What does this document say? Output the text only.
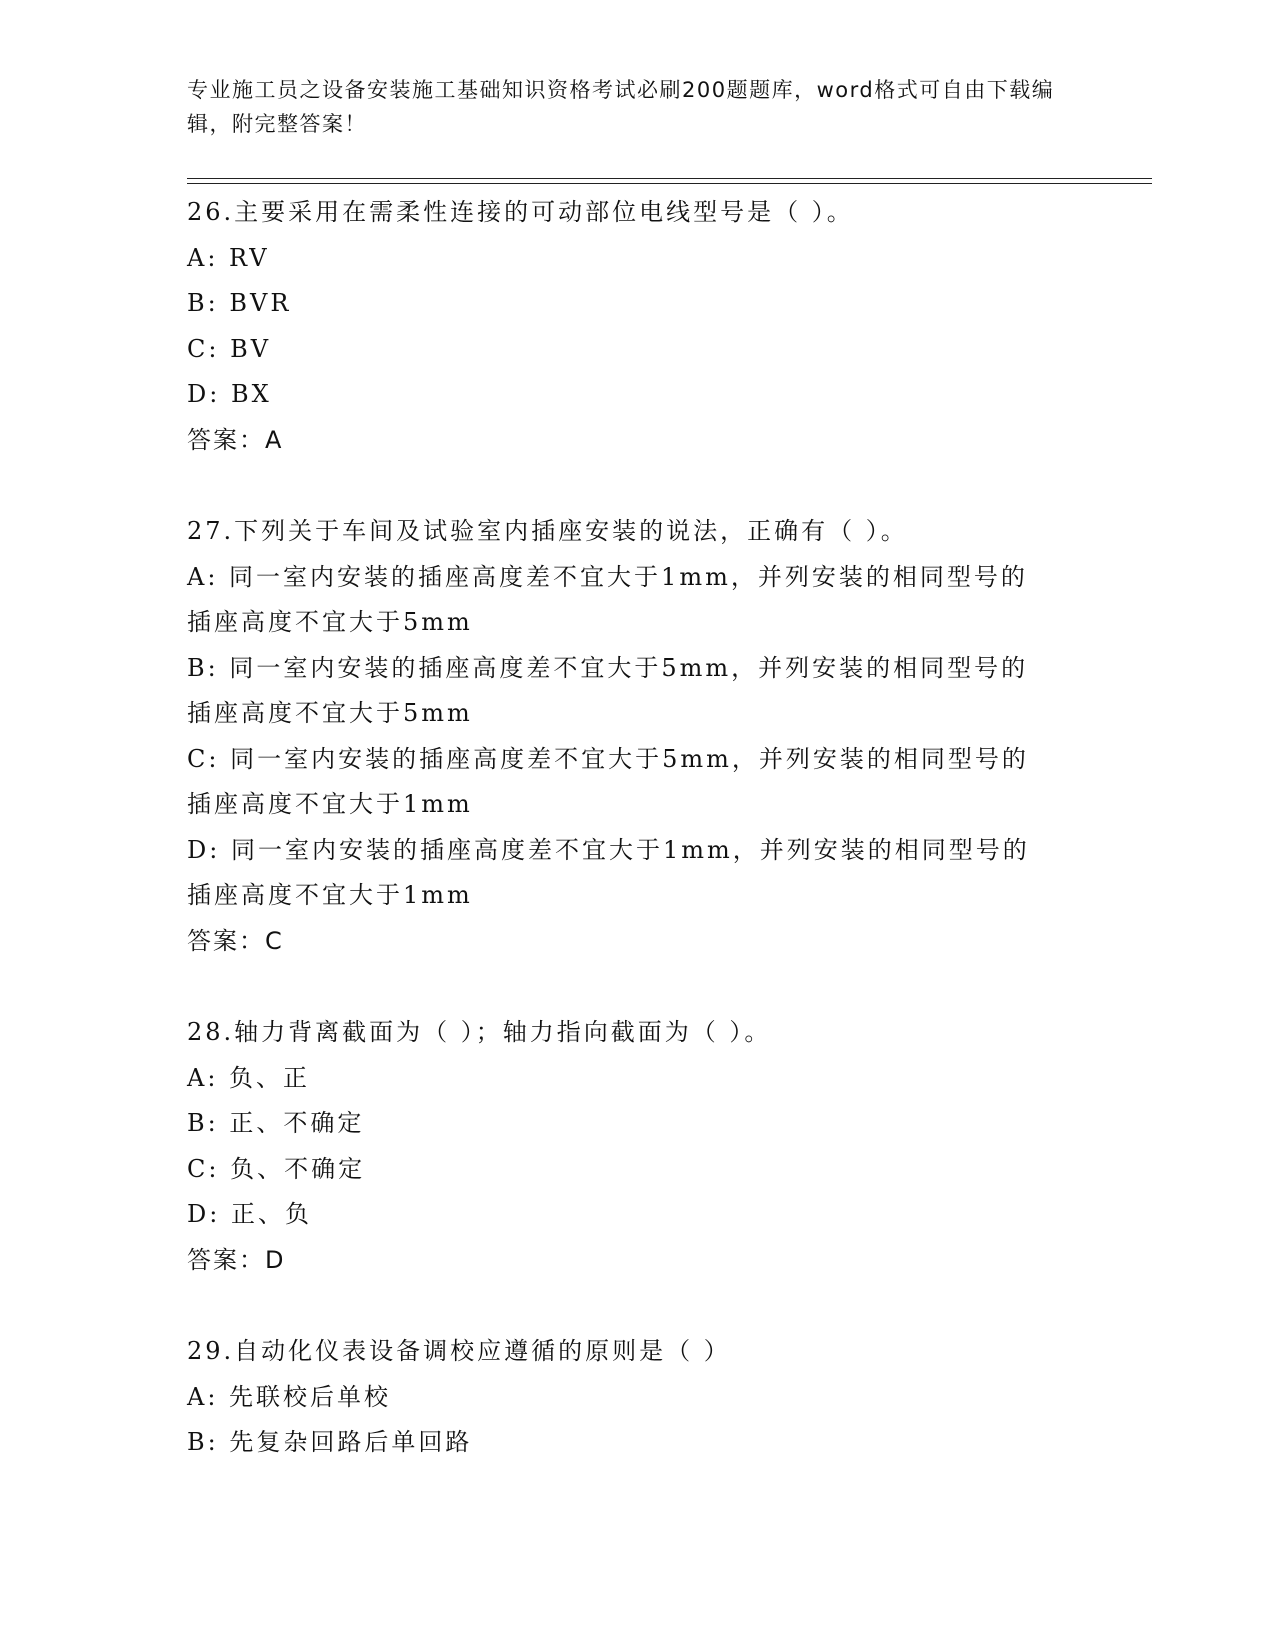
专业施工员之设备安装施工基础知识资格考试必刷200题题库，word格式可自由下载编辑，附完整答案！
26.主要采用在需柔性连接的可动部位电线型号是（ ）。
A: RV
B: BVR
C: BV
D: BX
答案：A
27.下列关于车间及试验室内插座安装的说法，正确有（ ）。
A: 同一室内安装的插座高度差不宜大于1mm，并列安装的相同型号的插座高度不宜大于5mm
B: 同一室内安装的插座高度差不宜大于5mm，并列安装的相同型号的插座高度不宜大于5mm
C: 同一室内安装的插座高度差不宜大于5mm，并列安装的相同型号的插座高度不宜大于1mm
D: 同一室内安装的插座高度差不宜大于1mm，并列安装的相同型号的插座高度不宜大于1mm
答案：C
28.轴力背离截面为（ ）；轴力指向截面为（ ）。
A: 负、正
B: 正、不确定
C: 负、不确定
D: 正、负
答案：D
29.自动化仪表设备调校应遵循的原则是（ ）
A: 先联校后单校
B: 先复杂回路后单回路
